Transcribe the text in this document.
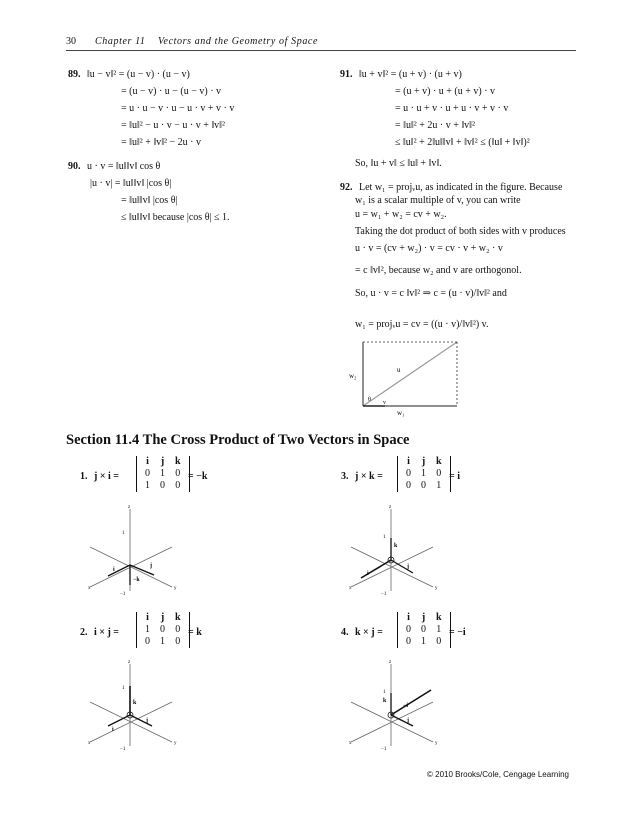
30 Chapter 11 Vectors and the Geometry of Space
89. ‖u − v‖² = (u − v) · (u − v)
= (u − v) · u − (u − v) · v
= u · u − v · u − u · v + v · v
= ‖u‖² − u · v − u · v + ‖v‖²
= ‖u‖² + ‖v‖² − 2u · v
90. u · v = ‖u‖‖v‖ cos θ
|u · v| = ‖u‖‖v‖ |cos θ|
= ‖u‖‖v‖ |cos θ|
≤ ‖u‖‖v‖ because |cos θ| ≤ 1.
91. ‖u + v‖² = (u + v) · (u + v)
= (u + v) · u + (u + v) · v
= u · u + v · u + u · v + v · v
= ‖u‖² + 2u · v + ‖v‖²
≤ ‖u‖² + 2‖u‖‖v‖ + ‖v‖² ≤ (‖u‖ + ‖v‖)²
So, ‖u + v‖ ≤ ‖u‖ + ‖v‖.
92. Let w₁ = projᵥu, as indicated in the figure. Because
w₁ is a scalar multiple of v, you can write
u = w₁ + w₂ = cv + w₂.
Taking the dot product of both sides with v produces
u · v = (cv + w₂) · v = cv · v + w₂ · v
= c ‖v‖², because w₂ and v are orthogonol.
So, u · v = c ‖v‖² ⇒ c = (u · v)/‖v‖² and
w₁ = projᵥu = cv = ((u · v)/‖v‖²) v.
w₂
u
θ v
w₁
Section 11.4 The Cross Product of Two Vectors in Space
1. j × i =
i	j	k
0	1	0
1	0	0
= −k	3. j × k =
i	j	k
0	1	0
0	0	1
= i
2. i × j =
i	j	k
1	0	0
0	1	0
= k	4. k × j =
i	j	k
0	0	1
0	1	0
= −i
z
1
−1
x	y
i
j
−k
z
1
−1
x	y
i
j
k
z
1
−1
x	y
i
j
k
z
1
−1
x	y
−i
j
k
© 2010 Brooks/Cole, Cengage Learning
